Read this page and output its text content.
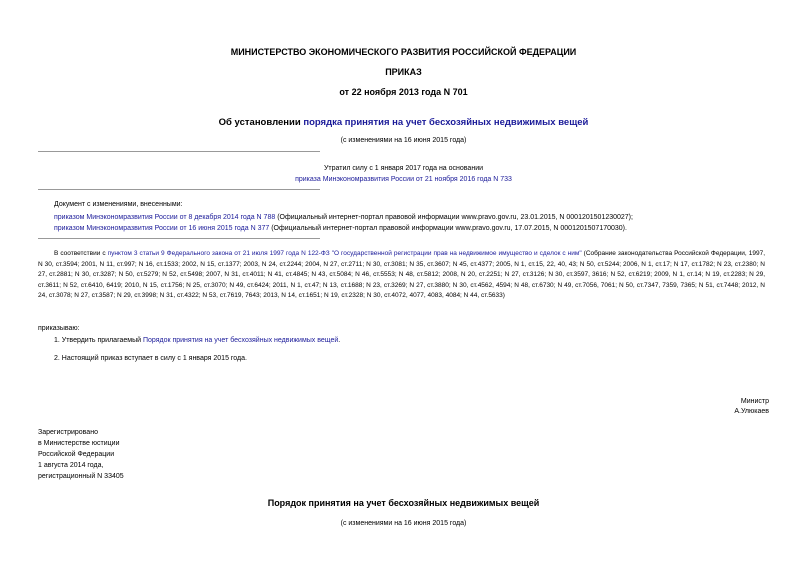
МИНИСТЕРСТВО ЭКОНОМИЧЕСКОГО РАЗВИТИЯ РОССИЙСКОЙ ФЕДЕРАЦИИ
ПРИКАЗ
от 22 ноября 2013 года N 701
Об установлении порядка принятия на учет бесхозяйных недвижимых вещей
(с изменениями на 16 июня 2015 года)
Утратил силу с 1 января 2017 года на основании
приказа Минэкономразвития России от 21 ноября 2016 года N 733
Документ с изменениями, внесенными:
приказом Минэкономразвития России от 8 декабря 2014 года N 788 (Официальный интернет-портал правовой информации www.pravo.gov.ru, 23.01.2015, N 0001201501230027);
приказом Минэкономразвития России от 16 июня 2015 года N 377 (Официальный интернет-портал правовой информации www.pravo.gov.ru, 17.07.2015, N 0001201507170030).

В соответствии с пунктом 3 статьи 9 Федерального закона от 21 июля 1997 года N 122-ФЗ "О государственной регистрации прав на недвижимое имущество и сделок с ним" (Собрание законодательства Российской Федерации, 1997, N 30, ст.3594; 2001, N 11, ст.997; N 16, ст.1533; 2002, N 15, ст.1377; 2003, N 24, ст.2244; 2004, N 27, ст.2711; N 30, ст.3081; N 35, ст.3607; N 45, ст.4377; 2005, N 1, ст.15, 22, 40, 43; N 50, ст.5244; 2006, N 1, ст.17; N 17, ст.1782; N 23, ст.2380; N 27, ст.2881; N 30, ст.3287; N 50, ст.5279; N 52, ст.5498; 2007, N 31, ст.4011; N 41, ст.4845; N 43, ст.5084; N 46, ст.5553; N 48, ст.5812; 2008, N 20, ст.2251; N 27, ст.3126; N 30, ст.3597, 3616; N 52, ст.6219; 2009, N 1, ст.14; N 19, ст.2283; N 29, ст.3611; N 52, ст.6410, 6419; 2010, N 15, ст.1756; N 25, ст.3070; N 49, ст.6424; 2011, N 1, ст.47; N 13, ст.1688; N 23, ст.3269; N 27, ст.3880; N 30, ст.4562, 4594; N 48, ст.6730; N 49, ст.7056, 7061; N 50, ст.7347, 7359, 7365; N 51, ст.7448; 2012, N 24, ст.3078; N 27, ст.3587; N 29, ст.3998; N 31, ст.4322; N 53, ст.7619, 7643; 2013, N 14, ст.1651; N 19, ст.2328; N 30, ст.4072, 4077, 4083, 4084; N 44, ст.5633)

приказываю:
1. Утвердить прилагаемый Порядок принятия на учет бесхозяйных недвижимых вещей.
2. Настоящий приказ вступает в силу с 1 января 2015 года.
Министр
А.Улюкаев
Зарегистрировано
в Министерстве юстиции
Российской Федерации
1 августа 2014 года,
регистрационный N 33405
Порядок принятия на учет бесхозяйных недвижимых вещей
(с изменениями на 16 июня 2015 года)
